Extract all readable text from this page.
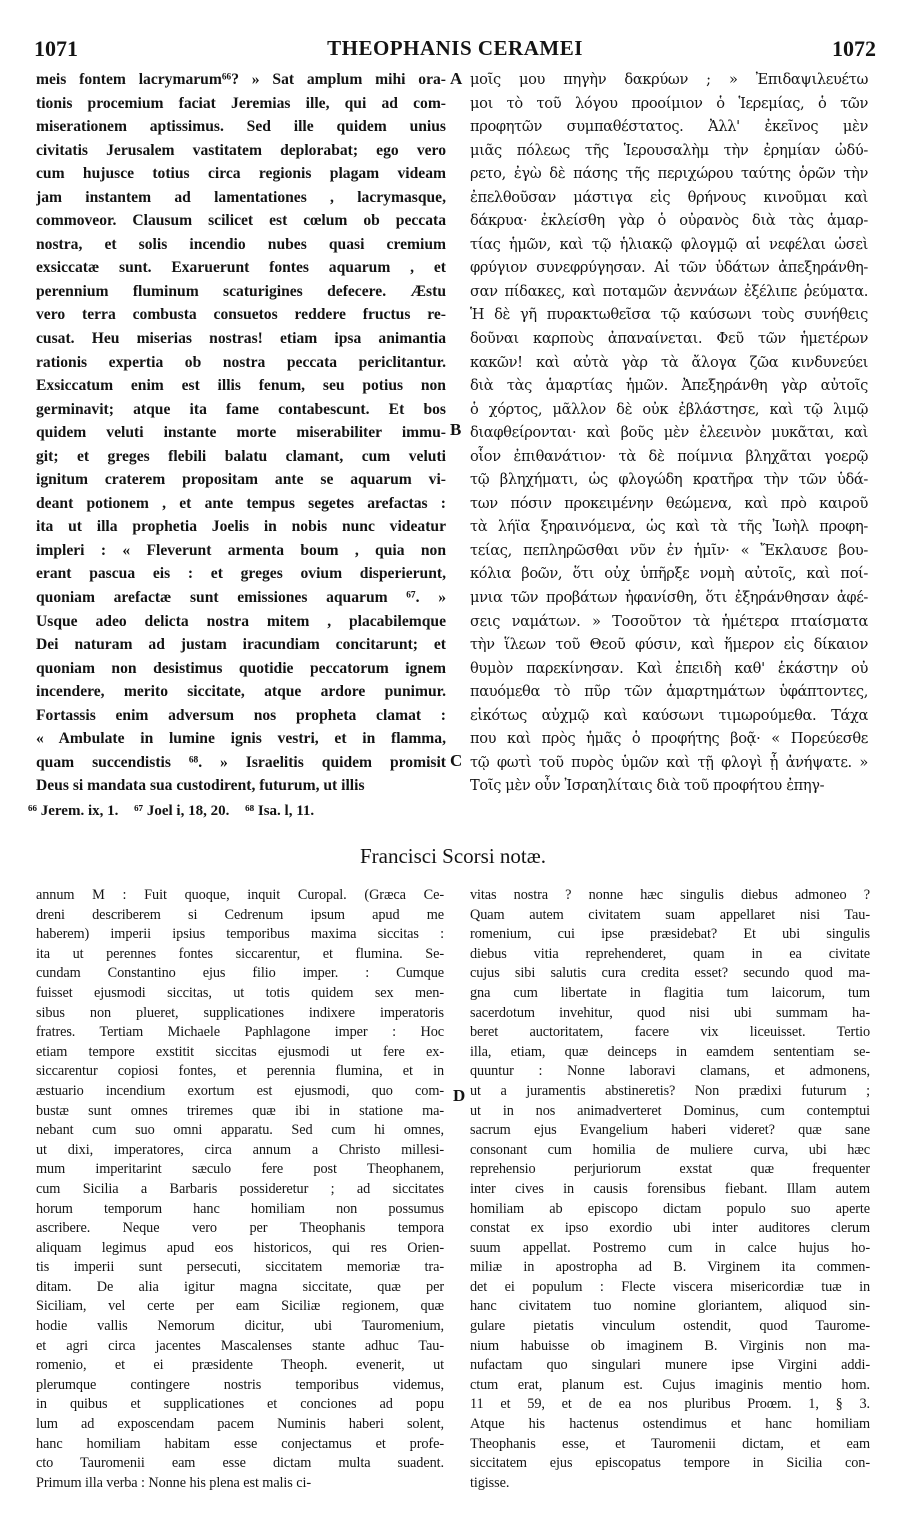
1071	THEOPHANIS CERAMEI	1072
meis fontem lacrymarum⁶⁶? » Sat amplum mihi ora-
tionis procemium faciat Jeremias ille, qui ad com-
miserationem aptissimus. Sed ille quidem unius
civitatis Jerusalem vastitatem deplorabat; ego vero
cum hujusce totius circa regionis plagam videam
jam instantem ad lamentationes , lacrymasque,
commoveor. Clausum scilicet est cœlum ob peccata
nostra, et solis incendio nubes quasi cremium
exsiccatæ sunt. Exaruerunt fontes aquarum , et
perennium fluminum scaturigines defecere. Æstu
vero terra combusta consuetos reddere fructus re-
cusat. Heu miserias nostras! etiam ipsa animantia
rationis expertia ob nostra peccata periclitantur.
Exsiccatum enim est illis fenum, seu potius non
germinavit; atque ita fame contabescunt. Et bos
quidem veluti instante morte miserabiliter immu-
git; et greges flebili balatu clamant, cum veluti
ignitum craterem propositam ante se aquarum vi-
deant potionem , et ante tempus segetes arefactas :
ita ut illa prophetia Joelis in nobis nunc videatur
impleri : « Fleverunt armenta boum , quia non
erant pascua eis : et greges ovium disperierunt,
quoniam arefactæ sunt emissiones aquarum ⁶⁷. »
Usque adeo delicta nostra mitem , placabilemque
Dei naturam ad justam iracundiam concitarunt; et
quoniam non desistimus quotidie peccatorum ignem
incendere, merito siccitate, atque ardore punimur.
Fortassis enim adversum nos propheta clamat :
« Ambulate in lumine ignis vestri, et in flamma,
quam succendistis ⁶⁸. » Israelitis quidem promisit
Deus si mandata sua custodirent, futurum, ut illis
μοῖς μου πηγὴν δακρύων ; » Ἐπιδαψιλευέτω
μοι τὸ τοῦ λόγου προοίμιον ὁ Ἱερεμίας, ὁ τῶν
προφητῶν συμπαθέστατος. Ἀλλ' ἐκεῖνος μὲν
μιᾶς πόλεως τῆς Ἱερουσαλὴμ τὴν ἐρημίαν ὠδύ-
ρετο, ἐγὼ δὲ πάσης τῆς περιχώρου ταύτης ὁρῶν τὴν
ἐπελθοῦσαν μάστιγα εἰς θρήνους κινοῦμαι καὶ
δάκρυα· ἐκλείσθη γὰρ ὁ οὐρανὸς διὰ τὰς ἁμαρ-
τίας ἡμῶν, καὶ τῷ ἡλιακῷ φλογμῷ αἱ νεφέλαι ὡσεὶ
φρύγιον συνεφρύγησαν. Αἱ τῶν ὑδάτων ἀπεξηράνθη-
σαν πίδακες, καὶ ποταμῶν ἀεννάων ἐξέλιπε ῥεύματα.
Ἡ δὲ γῆ πυρακτωθεῖσα τῷ καύσωνι τοὺς συνήθεις
δοῦναι καρποὺς ἀπαναίνεται. Φεῦ τῶν ἡμετέρων
κακῶν! καὶ αὐτὰ γὰρ τὰ ἄλογα ζῶα κινδυνεύει
διὰ τὰς ἁμαρτίας ἡμῶν. Ἀπεξηράνθη γὰρ αὐτοῖς
ὁ χόρτος, μᾶλλον δὲ οὐκ ἐβλάστησε, καὶ τῷ λιμῷ
διαφθείρονται· καὶ βοῦς μὲν ἐλεεινὸν μυκᾶται, καὶ
οἷον ἐπιθανάτιον· τὰ δὲ ποίμνια βληχᾶται γοερῷ
τῷ βληχήματι, ὡς φλογώδη κρατῆρα τὴν τῶν ὑδά-
των πόσιν προκειμένην θεώμενα, καὶ πρὸ καιροῦ
τὰ λήϊα ξηραινόμενα, ὡς καὶ τὰ τῆς Ἰωὴλ προφη-
τείας, πεπληρῶσθαι νῦν ἐν ἡμῖν· « Ἔκλαυσε βου-
κόλια βοῶν, ὅτι οὐχ ὑπῆρξε νομὴ αὐτοῖς, καὶ ποί-
μνια τῶν προβάτων ἠφανίσθη, ὅτι ἐξηράνθησαν ἀφέ-
σεις ναμάτων. » Τοσοῦτον τὰ ἡμέτερα πταίσματα
τὴν ἵλεων τοῦ Θεοῦ φύσιν, καὶ ἥμερον εἰς δίκαιον
θυμὸν παρεκίνησαν. Καὶ ἐπειδὴ καθ' ἑκάστην οὐ
παυόμεθα τὸ πῦρ τῶν ἁμαρτημάτων ὑφάπτοντες,
εἰκότως αὐχμῷ καὶ καύσωνι τιμωρούμεθα. Τάχα
που καὶ πρὸς ἡμᾶς ὁ προφήτης βοᾷ· « Πορεύεσθε
τῷ φωτὶ τοῦ πυρὸς ὑμῶν καὶ τῇ φλογὶ ᾗ ἀνήψατε. »
Τοῖς μὲν οὖν Ἰσραηλίταις διὰ τοῦ προφήτου ἐπηγ-
A
B
C
D
⁶⁶ Jerem. ix, 1. ⁶⁷ Joel i, 18, 20. ⁶⁸ Isa. l, 11.
Francisci Scorsi notæ.
annum M : Fuit quoque, inquit Curopal. (Græca Ce-
dreni describerem si Cedrenum ipsum apud me
haberem) imperii ipsius temporibus maxima siccitas :
ita ut perennes fontes siccarentur, et flumina. Se-
cundam Constantino ejus filio imper. : Cumque
fuisset ejusmodi siccitas, ut totis quidem sex men-
sibus non plueret, supplicationes indixere imperatoris
fratres. Tertiam Michaele Paphlagone imper : Hoc
etiam tempore exstitit siccitas ejusmodi ut fere ex-
siccarentur copiosi fontes, et perennia flumina, et in
æstuario incendium exortum est ejusmodi, quo com-
bustæ sunt omnes triremes quæ ibi in statione ma-
nebant cum suo omni apparatu. Sed cum hi omnes,
ut dixi, imperatores, circa annum a Christo millesi-
mum imperitarint sæculo fere post Theophanem,
cum Sicilia a Barbaris possideretur ; ad siccitates
horum temporum hanc homiliam non possumus
ascribere. Neque vero per Theophanis tempora
aliquam legimus apud eos historicos, qui res Orien-
tis imperii sunt persecuti, siccitatem memoriæ tra-
ditam. De alia igitur magna siccitate, quæ per
Siciliam, vel certe per eam Siciliæ regionem, quæ
hodie vallis Nemorum dicitur, ubi Tauromenium,
et agri circa jacentes Mascalenses stante adhuc Tau-
romenio, et ei præsidente Theoph. evenerit, ut
plerumque contingere nostris temporibus videmus,
in quibus et supplicationes et conciones ad popu
lum ad exposcendam pacem Numinis haberi solent,
hanc homiliam habitam esse conjectamus et profe-
cto Tauromenii eam esse dictam multa suadent.
Primum illa verba : Nonne his plena est malis ci-
vitas nostra ? nonne hæc singulis diebus admoneo ?
Quam autem civitatem suam appellaret nisi Tau-
romenium, cui ipse præsidebat? Et ubi singulis
diebus vitia reprehenderet, quam in ea civitate
cujus sibi salutis cura credita esset? secundo quod ma-
gna cum libertate in flagitia tum laicorum, tum
sacerdotum invehitur, quod nisi ubi summam ha-
beret auctoritatem, facere vix liceuisset. Tertio
illa, etiam, quæ deinceps in eamdem sententiam se-
quuntur : Nonne laboravi clamans, et admonens,
ut a juramentis abstineretis? Non prædixi futurum ;
ut in nos animadverteret Dominus, cum contemptui
sacrum ejus Evangelium haberi videret? quæ sane
consonant cum homilia de muliere curva, ubi hæc
reprehensio perjuriorum exstat quæ frequenter
inter cives in causis forensibus fiebant. Illam autem
homiliam ab episcopo dictam populo suo aperte
constat ex ipso exordio ubi inter auditores clerum
suum appellat. Postremo cum in calce hujus ho-
miliæ in apostropha ad B. Virginem ita commen-
det ei populum : Flecte viscera misericordiæ tuæ in
hanc civitatem tuo nomine gloriantem, aliquod sin-
gulare pietatis vinculum ostendit, quod Taurome-
nium habuisse ob imaginem B. Virginis non ma-
nufactam quo singulari munere ipse Virgini addi-
ctum erat, planum est. Cujus imaginis mentio hom.
11 et 59, et de ea nos pluribus Proœm. 1, § 3.
Atque his hactenus ostendimus et hanc homiliam
Theophanis esse, et Tauromenii dictam, et eam
siccitatem ejus episcopatus tempore in Sicilia con-
tigisse.
